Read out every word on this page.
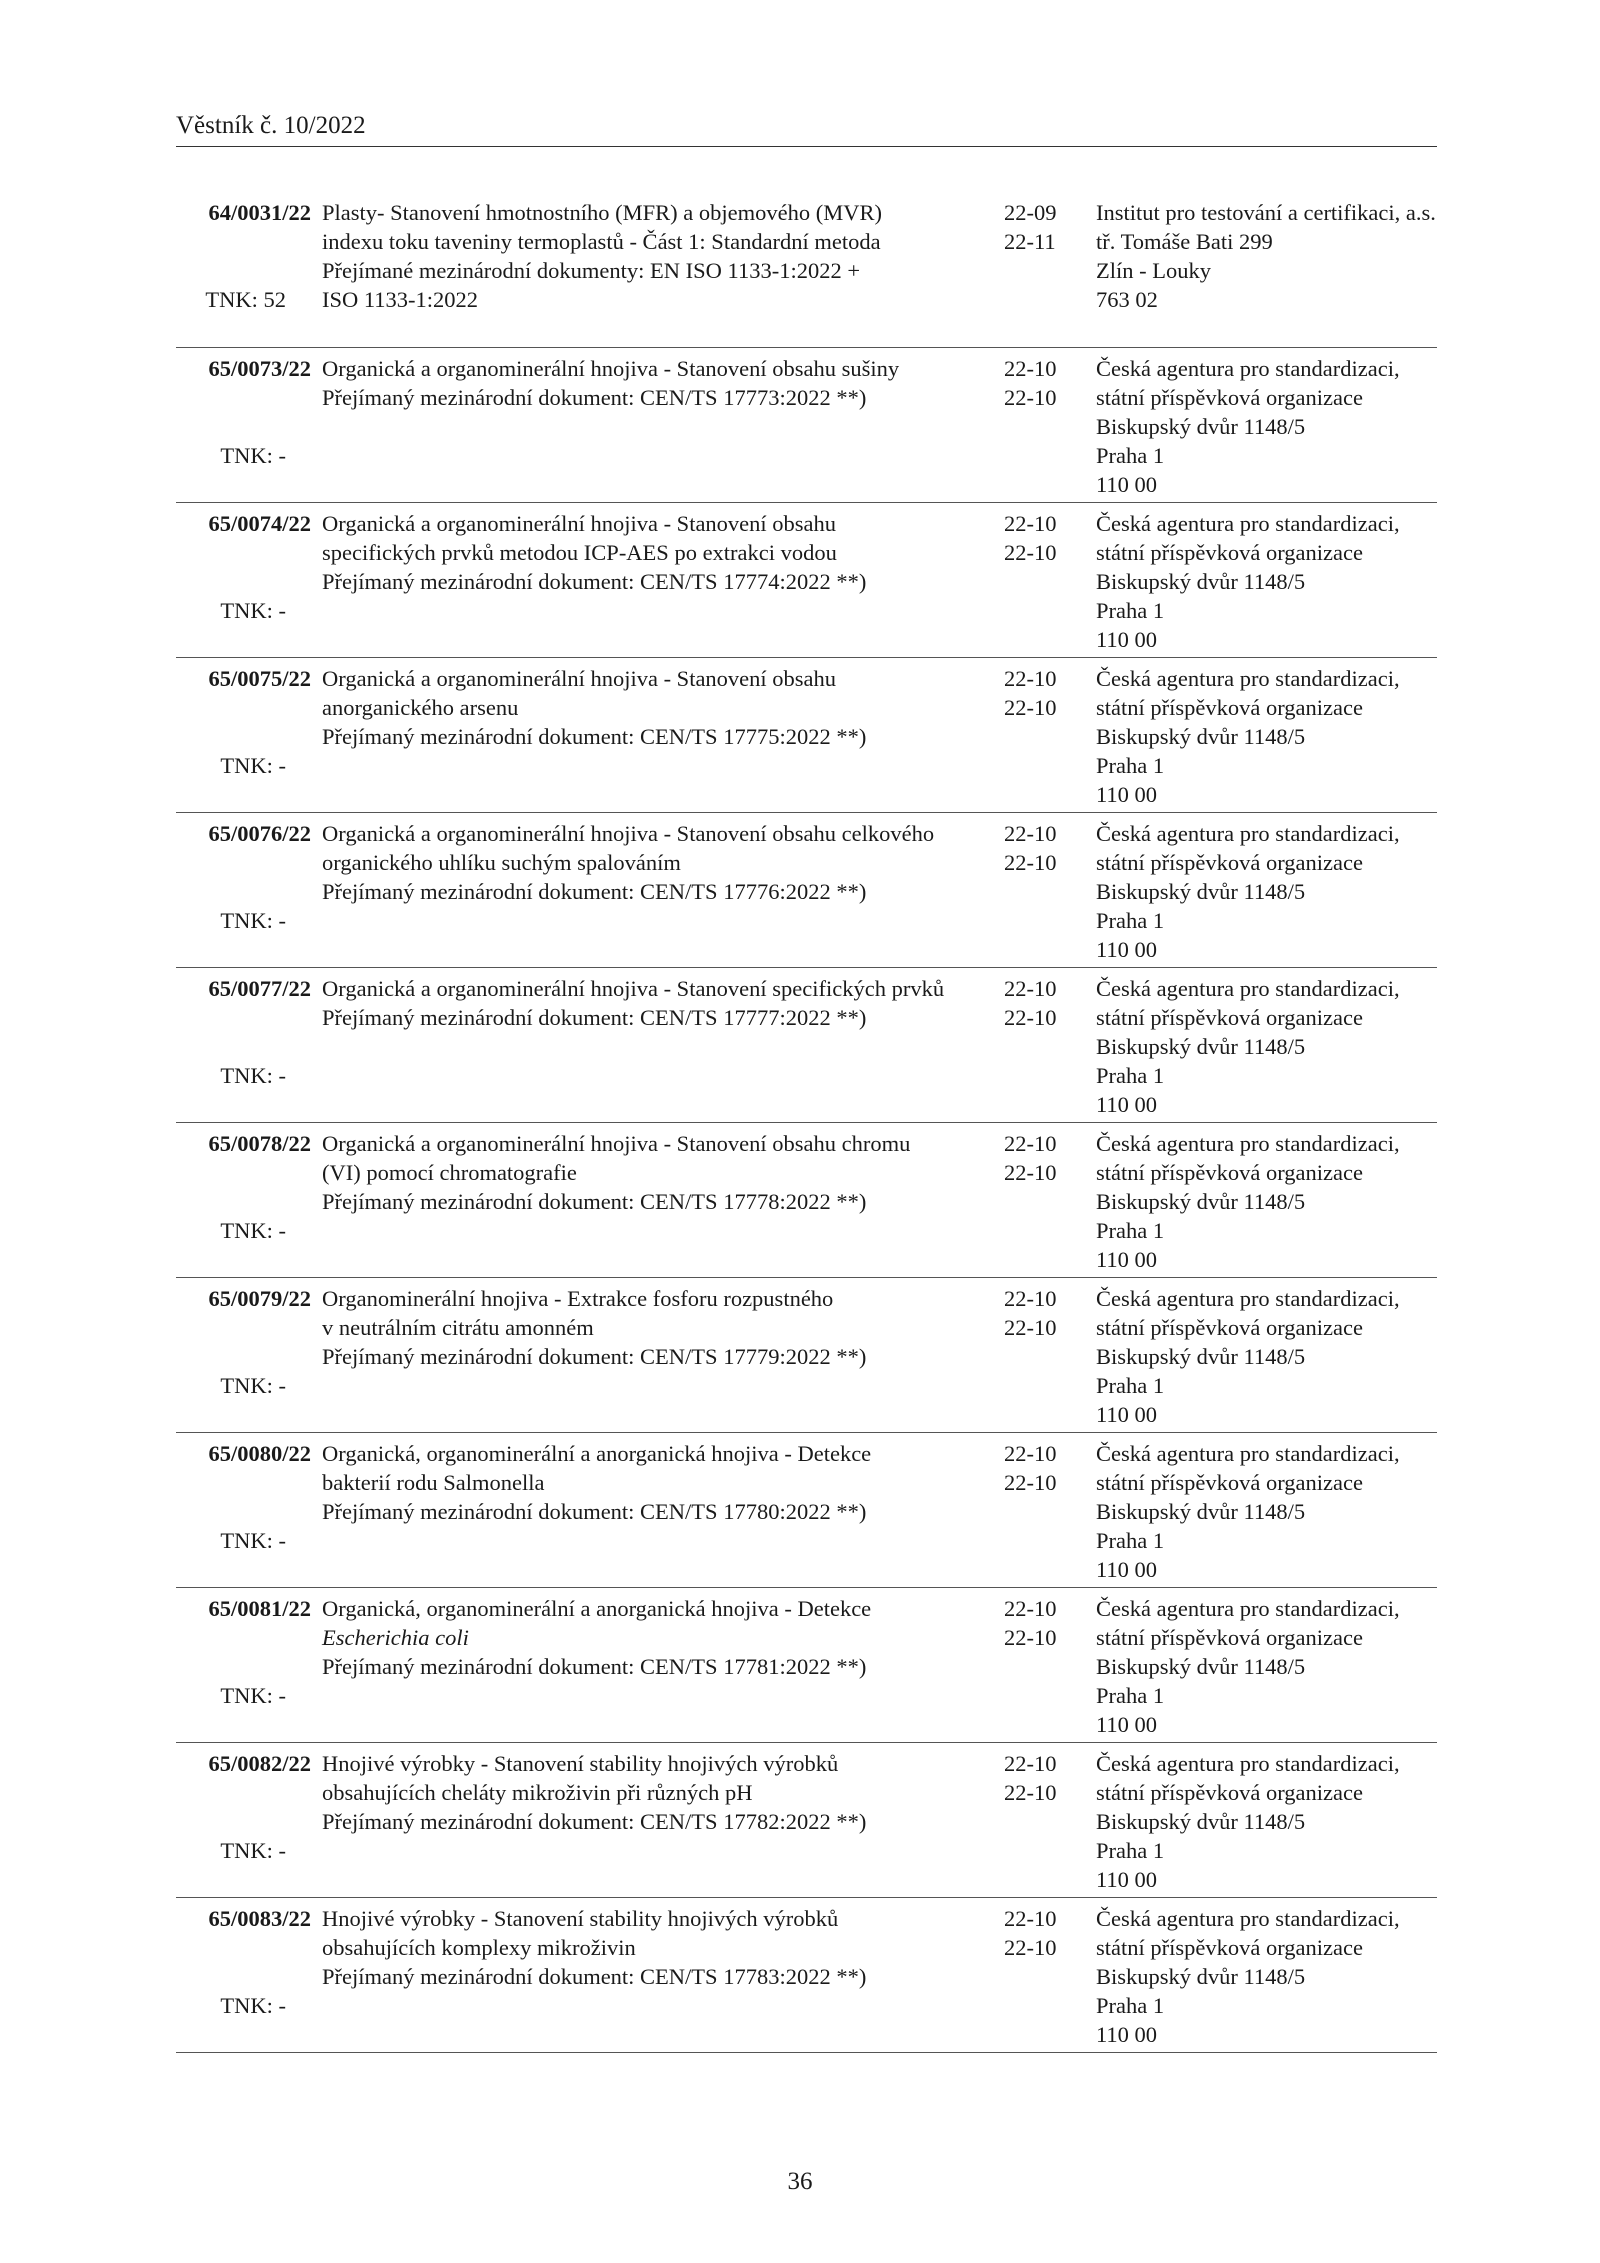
Věstník č. 10/2022
64/0031/22
TNK: 52
Plasty- Stanovení hmotnostního (MFR) a objemového (MVR)
indexu toku taveniny termoplastů - Část 1: Standardní metoda
Přejímané mezinárodní dokumenty: EN ISO 1133-1:2022 +
ISO 1133-1:2022
22-09
22-11
Institut pro testování a certifikaci, a.s.
tř. Tomáše Bati 299
Zlín - Louky
763 02
65/0073/22
TNK: -
Organická a organominerální hnojiva - Stanovení obsahu sušiny
Přejímaný mezinárodní dokument: CEN/TS 17773:2022 **)
22-10
22-10
Česká agentura pro standardizaci,
státní příspěvková organizace
Biskupský dvůr 1148/5
Praha 1
110 00
65/0074/22
TNK: -
Organická a organominerální hnojiva - Stanovení obsahu
specifických prvků metodou ICP-AES po extrakci vodou
Přejímaný mezinárodní dokument: CEN/TS 17774:2022 **)
22-10
22-10
Česká agentura pro standardizaci,
státní příspěvková organizace
Biskupský dvůr 1148/5
Praha 1
110 00
65/0075/22
TNK: -
Organická a organominerální hnojiva - Stanovení obsahu
anorganického arsenu
Přejímaný mezinárodní dokument: CEN/TS 17775:2022 **)
22-10
22-10
Česká agentura pro standardizaci,
státní příspěvková organizace
Biskupský dvůr 1148/5
Praha 1
110 00
65/0076/22
TNK: -
Organická a organominerální hnojiva - Stanovení obsahu celkového
organického uhlíku suchým spalováním
Přejímaný mezinárodní dokument: CEN/TS 17776:2022 **)
22-10
22-10
Česká agentura pro standardizaci,
státní příspěvková organizace
Biskupský dvůr 1148/5
Praha 1
110 00
65/0077/22
TNK: -
Organická a organominerální hnojiva - Stanovení specifických prvků
Přejímaný mezinárodní dokument: CEN/TS 17777:2022 **)
22-10
22-10
Česká agentura pro standardizaci,
státní příspěvková organizace
Biskupský dvůr 1148/5
Praha 1
110 00
65/0078/22
TNK: -
Organická a organominerální hnojiva - Stanovení obsahu chromu
(VI) pomocí chromatografie
Přejímaný mezinárodní dokument: CEN/TS 17778:2022 **)
22-10
22-10
Česká agentura pro standardizaci,
státní příspěvková organizace
Biskupský dvůr 1148/5
Praha 1
110 00
65/0079/22
TNK: -
Organominerální hnojiva - Extrakce fosforu rozpustného
v neutrálním citrátu amonném
Přejímaný mezinárodní dokument: CEN/TS 17779:2022 **)
22-10
22-10
Česká agentura pro standardizaci,
státní příspěvková organizace
Biskupský dvůr 1148/5
Praha 1
110 00
65/0080/22
TNK: -
Organická, organominerální a anorganická hnojiva - Detekce
bakterií rodu Salmonella
Přejímaný mezinárodní dokument: CEN/TS 17780:2022 **)
22-10
22-10
Česká agentura pro standardizaci,
státní příspěvková organizace
Biskupský dvůr 1148/5
Praha 1
110 00
65/0081/22
TNK: -
Organická, organominerální a anorganická hnojiva - Detekce
Escherichia coli
Přejímaný mezinárodní dokument: CEN/TS 17781:2022 **)
22-10
22-10
Česká agentura pro standardizaci,
státní příspěvková organizace
Biskupský dvůr 1148/5
Praha 1
110 00
65/0082/22
TNK: -
Hnojivé výrobky - Stanovení stability hnojivých výrobků
obsahujících cheláty mikroživin při různých pH
Přejímaný mezinárodní dokument: CEN/TS 17782:2022 **)
22-10
22-10
Česká agentura pro standardizaci,
státní příspěvková organizace
Biskupský dvůr 1148/5
Praha 1
110 00
65/0083/22
TNK: -
Hnojivé výrobky - Stanovení stability hnojivých výrobků
obsahujících komplexy mikroživin
Přejímaný mezinárodní dokument: CEN/TS 17783:2022 **)
22-10
22-10
Česká agentura pro standardizaci,
státní příspěvková organizace
Biskupský dvůr 1148/5
Praha 1
110 00
36
